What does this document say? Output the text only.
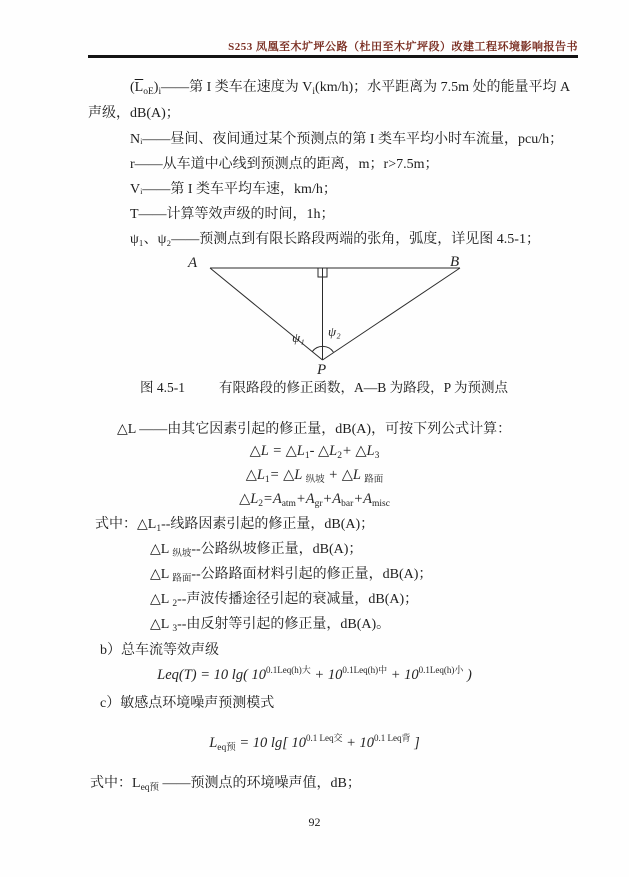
S253 凤凰至木圹坪公路（杜田至木圹坪段）改建工程环境影响报告书
$(\overline{L}_{oE})_i——$第 I 类车在速度为 $V_i(km/h)$；水平距离为 7.5m 处的能量平均 A
声级，dB(A)；
Nᵢ——昼间、夜间通过某个预测点的第 I 类车平均小时车流量，pcu/h；
r——从车道中心线到预测点的距离，m；r>7.5m；
Vᵢ——第 I 类车平均车速，km/h；
T——计算等效声级的时间，1h；
ψ₁、ψ₂——预测点到有限长路段两端的张角，弧度，详见图 4.5-1；
A	B
P
ψ₁ ψ₂
图 4.5-1	有限路段的修正函数，A—B 为路段，P 为预测点
△L ——由其它因素引起的修正量，dB(A)，可按下列公式计算：
△L = $\triangle L_1-$ $\triangle L_2+$ $\triangle L_3$
$\triangle L_1=$ △L $_{纵坡}$ + △L $_{路面}$
$\triangle L_2=A_{atm}+A_{gr}+A_{bar}+A_{misc}$
式中：$\triangle L_1--$线路因素引起的修正量，dB(A)；
△L $_{纵坡}$--公路纵坡修正量，dB(A)；
△L $_{路面}$--公路路面材料引起的修正量，dB(A)；
△L $_2$--声波传播途径引起的衰减量，dB(A)；
△L $_3$--由反射等引起的修正量，dB(A)。
b）总车流等效声级
Leq(T) = 10 lg( $10^{0.1Leq(h)大} + 10^{0.1Leq(h)中} + 10^{0.1Leq(h)小}$ )
c）敏感点环境噪声预测模式
$L_{eq预} = 10$ lg[ $10^{0.1 Leq交} + 10^{0.1 Leq背}$ ]
式中：$L_{eq预}$ ——预测点的环境噪声值，dB；
92
